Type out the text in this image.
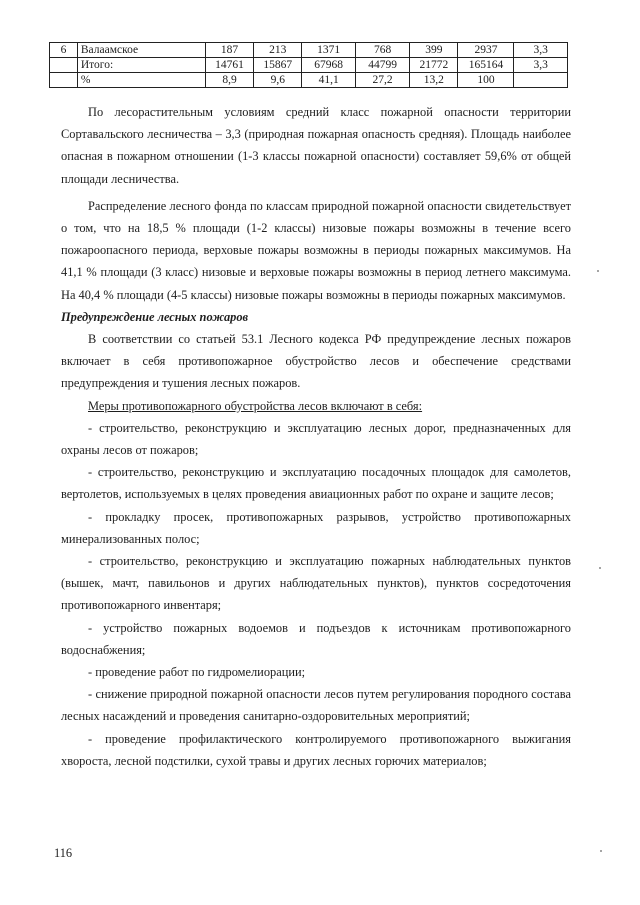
6	Валаамское	187	213	1371	768	399	2937	3,3
	Итого:	14761	15867	67968	44799	21772	165164	3,3
	%	8,9	9,6	41,1	27,2	13,2	100	

По лесорастительным условиям средний класс пожарной опасности территории Сортавальского лесничества – 3,3 (природная пожарная опасность средняя). Площадь наиболее опасная в пожарном отношении (1-3 классы пожарной опасности) составляет 59,6% от общей площади лесничества.

Распределение лесного фонда по классам природной пожарной опасности свидетельствует о том, что на 18,5 % площади (1-2 классы) низовые пожары возможны в течение всего пожароопасного периода, верховые пожары возможны в периоды пожарных максимумов. На 41,1 % площади (3 класс) низовые и верховые пожары возможны в период летнего максимума. На 40,4 % площади (4-5 классы) низовые пожары возможны в периоды пожарных максимумов.

Предупреждение лесных пожаров

В соответствии со статьей 53.1 Лесного кодекса РФ предупреждение лесных пожаров включает в себя противопожарное обустройство лесов и обеспечение средствами предупреждения и тушения лесных пожаров.

Меры противопожарного обустройства лесов включают в себя:

- строительство, реконструкцию и эксплуатацию лесных дорог, предназначенных для охраны лесов от пожаров;

- строительство, реконструкцию и эксплуатацию посадочных площадок для самолетов, вертолетов, используемых в целях проведения авиационных работ по охране и защите лесов;

- прокладку просек, противопожарных разрывов, устройство противопожарных минерализованных полос;

- строительство, реконструкцию и эксплуатацию пожарных наблюдательных пунктов (вышек, мачт, павильонов и других наблюдательных пунктов), пунктов сосредоточения противопожарного инвентаря;

- устройство пожарных водоемов и подъездов к источникам противопожарного водоснабжения;

- проведение работ по гидромелиорации;

- снижение природной пожарной опасности лесов путем регулирования породного состава лесных насаждений и проведения санитарно-оздоровительных мероприятий;

- проведение профилактического контролируемого противопожарного выжигания хвороста, лесной подстилки, сухой травы и других лесных горючих материалов;

116
